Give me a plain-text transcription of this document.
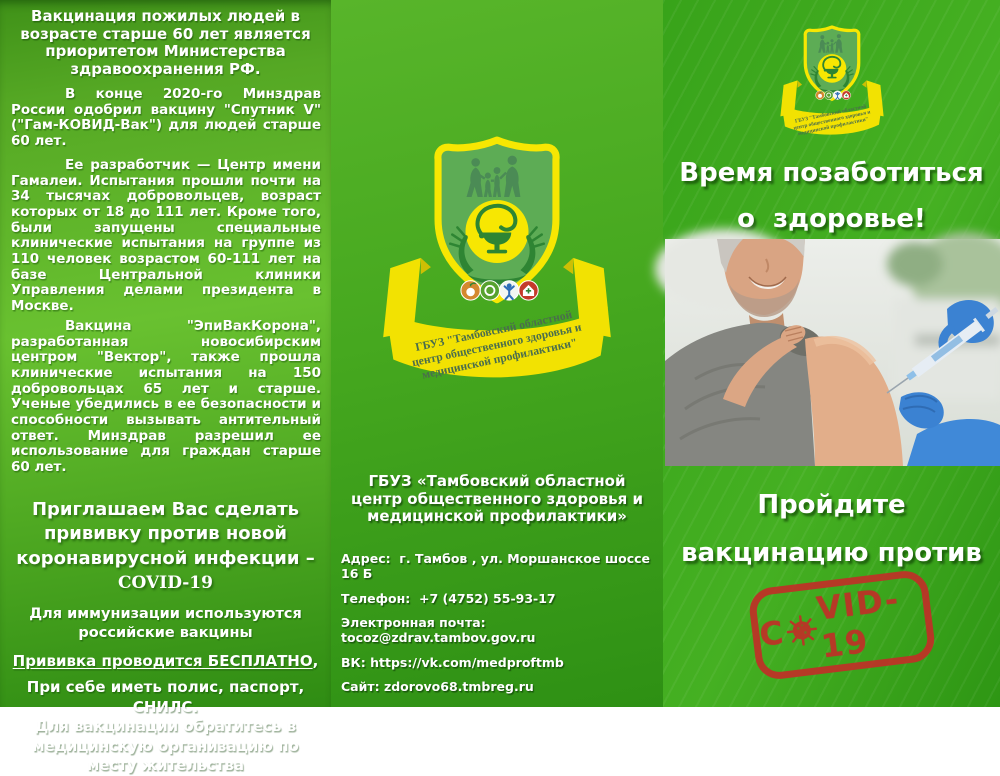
Вакцинация пожилых людей в возрасте старше 60 лет является приоритетом Министерства здравоохранения РФ.
В конце 2020-го Минздрав России одобрил вакцину "Спутник V" ("Гам-КОВИД-Вак") для людей старше 60 лет.
Ее разработчик — Центр имени Гамалеи. Испытания прошли почти на 34 тысячах добровольцев, возраст которых от 18 до 111 лет. Кроме того, были запущены специальные клинические испытания на группе из 110 человек возрастом 60-111 лет на базе Центральной клиники Управления делами президента в Москве.
Вакцина "ЭпиВакКорона", разработанная новосибирским центром "Вектор", также прошла клинические испытания на 150 добровольцах 65 лет и старше. Ученые убедились в ее безопасности и способности вызывать антительный ответ. Минздрав разрешил ее использование для граждан старше 60 лет.
Приглашаем Вас сделать
прививку против новой
коронавирусной инфекции –
COVID-19
Для иммунизации используются российские вакцины
Прививка проводится БЕСПЛАТНО,
При себе иметь полис, паспорт, СНИЛС.
Для вакцинации обратитесь в медицинскую организацию по месту жительства
ГБУЗ «Тамбовский областной центр общественного здоровья и медицинской профилактики»
Адрес:  г. Тамбов , ул. Моршанское шоссе 16 Б
Телефон:  +7 (4752) 55-93-17
Электронная почта: tocoz@zdrav.tambov.gov.ru
ВК: https://vk.com/medproftmb
Сайт: zdorovo68.tmbreg.ru
Время позаботиться
о  здоровье!
Пройдите
вакцинацию против
C
VID-19
